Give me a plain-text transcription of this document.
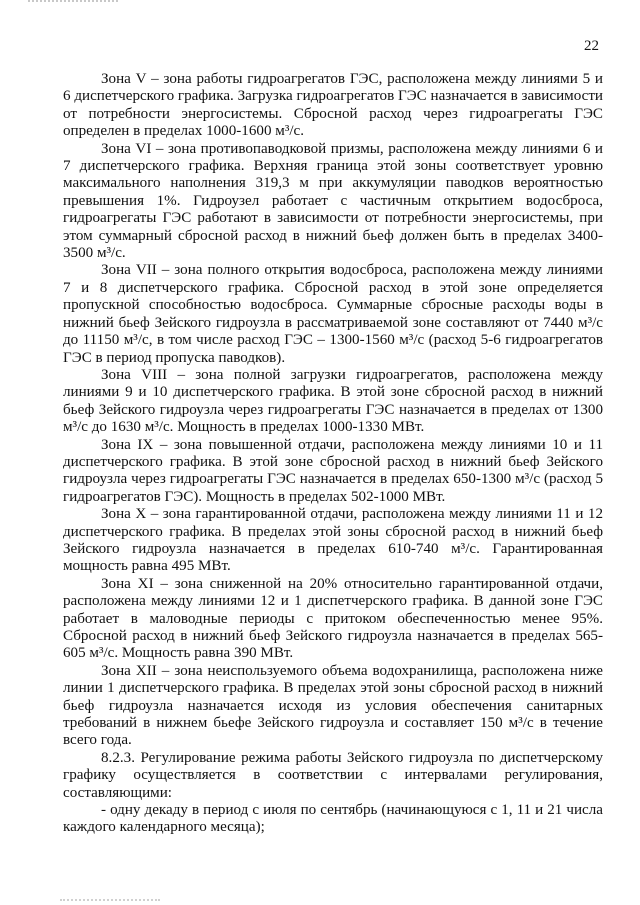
22

Зона V – зона работы гидроагрегатов ГЭС, расположена между линиями 5 и 6 диспетчерского графика. Загрузка гидроагрегатов ГЭС назначается в зависимости от потребности энергосистемы. Сбросной расход через гидроагрегаты ГЭС определен в пределах 1000-1600 м³/с.

Зона VI – зона противопаводковой призмы, расположена между линиями 6 и 7 диспетчерского графика. Верхняя граница этой зоны соответствует уровню максимального наполнения 319,3 м при аккумуляции паводков вероятностью превышения 1%. Гидроузел работает с частичным открытием водосброса, гидроагрегаты ГЭС работают в зависимости от потребности энергосистемы, при этом суммарный сбросной расход в нижний бьеф должен быть в пределах 3400-3500 м³/с.

Зона VII – зона полного открытия водосброса, расположена между линиями 7 и 8 диспетчерского графика. Сбросной расход в этой зоне определяется пропускной способностью водосброса. Суммарные сбросные расходы воды в нижний бьеф Зейского гидроузла в рассматриваемой зоне составляют от 7440 м³/с до 11150 м³/с, в том числе расход ГЭС – 1300-1560 м³/с (расход 5-6 гидроагрегатов ГЭС в период пропуска паводков).

Зона VIII – зона полной загрузки гидроагрегатов, расположена между линиями 9 и 10 диспетчерского графика. В этой зоне сбросной расход в нижний бьеф Зейского гидроузла через гидроагрегаты ГЭС назначается в пределах от 1300 м³/с до 1630 м³/с. Мощность в пределах 1000-1330 МВт.

Зона IX – зона повышенной отдачи, расположена между линиями 10 и 11 диспетчерского графика. В этой зоне сбросной расход в нижний бьеф Зейского гидроузла через гидроагрегаты ГЭС назначается в пределах 650-1300 м³/с (расход 5 гидроагрегатов ГЭС). Мощность в пределах 502-1000 МВт.

Зона X – зона гарантированной отдачи, расположена между линиями 11 и 12 диспетчерского графика. В пределах этой зоны сбросной расход в нижний бьеф Зейского гидроузла назначается в пределах 610-740 м³/с. Гарантированная мощность равна 495 МВт.

Зона XI – зона сниженной на 20% относительно гарантированной отдачи, расположена между линиями 12 и 1 диспетчерского графика. В данной зоне ГЭС работает в маловодные периоды с притоком обеспеченностью менее 95%. Сбросной расход в нижний бьеф Зейского гидроузла назначается в пределах 565-605 м³/с. Мощность равна 390 МВт.

Зона XII – зона неиспользуемого объема водохранилища, расположена ниже линии 1 диспетчерского графика. В пределах этой зоны сбросной расход в нижний бьеф гидроузла назначается исходя из условия обеспечения санитарных требований в нижнем бьефе Зейского гидроузла и составляет 150 м³/с в течение всего года.

8.2.3. Регулирование режима работы Зейского гидроузла по диспетчерскому графику осуществляется в соответствии с интервалами регулирования, составляющими:

- одну декаду в период с июля по сентябрь (начинающуюся с 1, 11 и 21 числа каждого календарного месяца);
